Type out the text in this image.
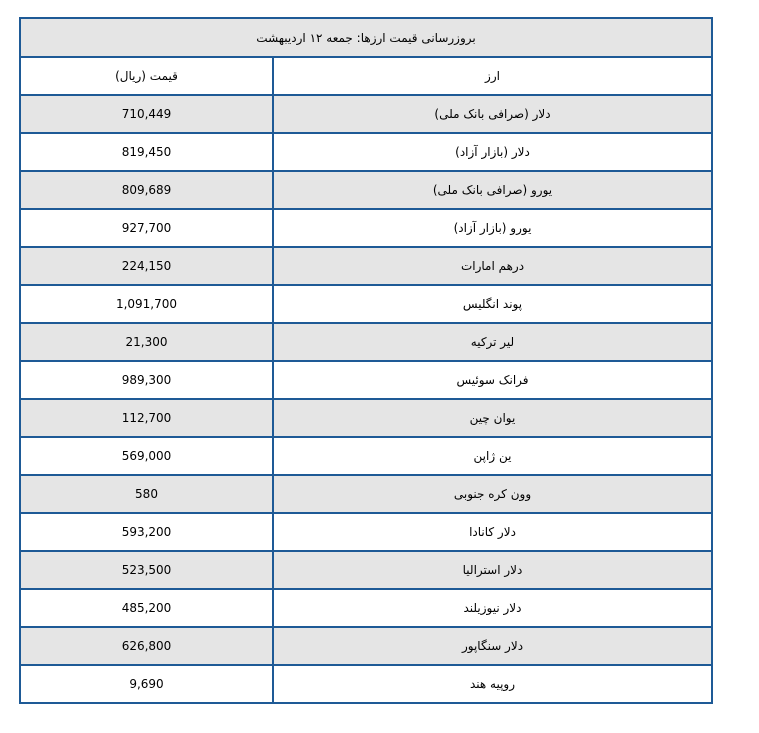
بروزرسانی قیمت ارزها: جمعه ۱۲ اردیبهشت	
ارز	قیمت (ریال)
دلار (صرافی بانک ملی)	710,449
دلار (بازار آزاد)	819,450
یورو (صرافی بانک ملی)	809,689
یورو (بازار آزاد)	927,700
درهم امارات	224,150
پوند انگلیس	1,091,700
لیر ترکیه	21,300
فرانک سوئیس	989,300
یوان چین	112,700
ین ژاپن	569,000
وون کره جنوبی	580
دلار کانادا	593,200
دلار استرالیا	523,500
دلار نیوزیلند	485,200
دلار سنگاپور	626,800
روپیه هند	9,690
